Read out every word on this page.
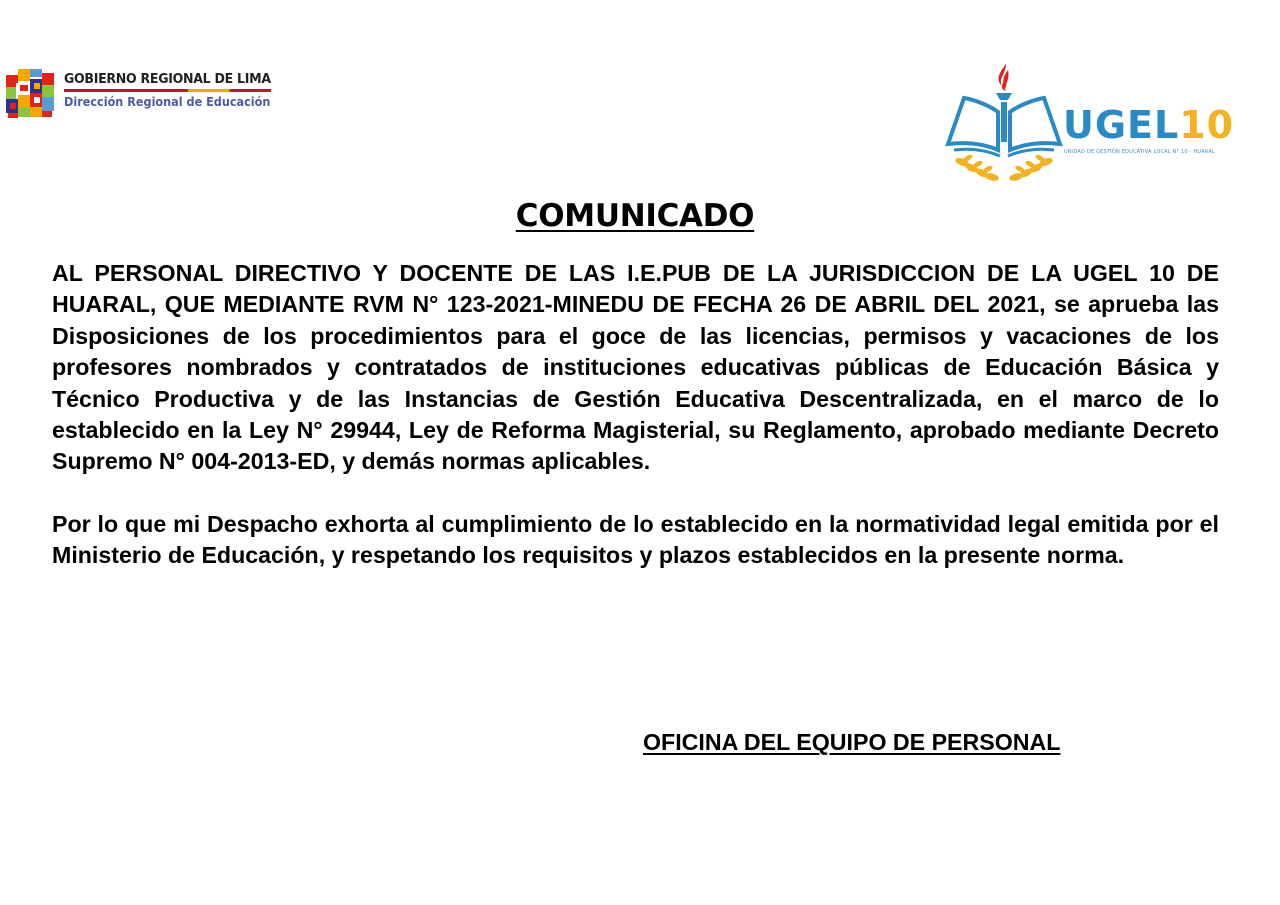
GOBIERNO REGIONAL DE LIMA
Dirección Regional de Educación
UGEL10
UNIDAD DE GESTIÓN EDUCATIVA LOCAL N° 10 - HUARAL
COMUNICADO

AL PERSONAL DIRECTIVO Y DOCENTE DE LAS I.E.PUB DE LA JURISDICCION DE LA UGEL 10 DE HUARAL, QUE MEDIANTE RVM N° 123-2021-MINEDU DE FECHA 26 DE ABRIL DEL 2021, se aprueba las Disposiciones de los procedimientos para el goce de las licencias, permisos y vacaciones de los profesores nombrados y contratados de instituciones educativas públicas de Educación Básica y Técnico Productiva y de las Instancias de Gestión Educativa Descentralizada, en el marco de lo establecido en la Ley N° 29944, Ley de Reforma Magisterial, su Reglamento, aprobado mediante Decreto Supremo N° 004-2013-ED, y demás normas aplicables.

Por lo que mi Despacho exhorta al cumplimiento de lo establecido en la normatividad legal emitida por el Ministerio de Educación, y respetando los requisitos y plazos establecidos en la presente norma.

OFICINA DEL EQUIPO DE PERSONAL
